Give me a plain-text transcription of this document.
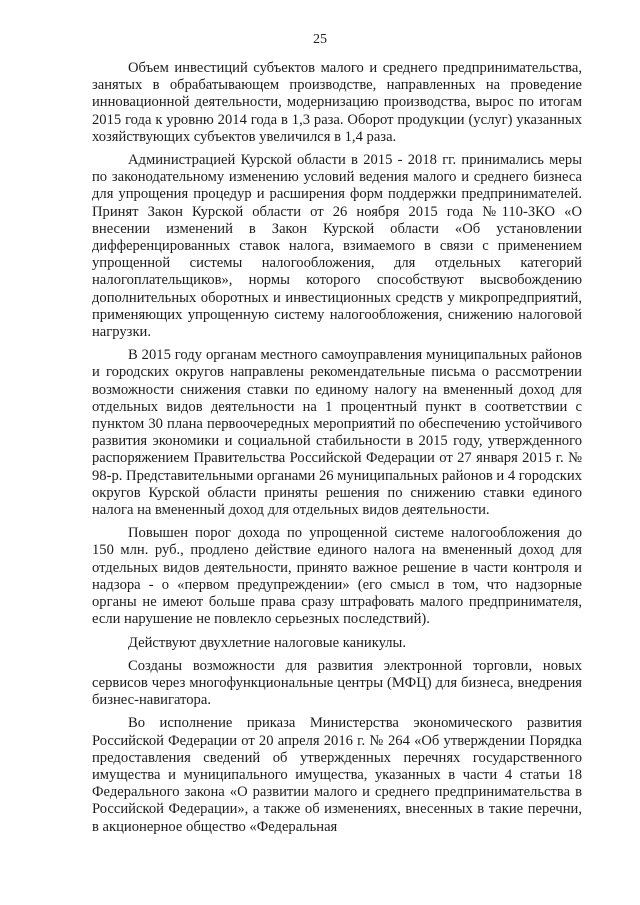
25

Объем инвестиций субъектов малого и среднего предпринимательства, занятых в обрабатывающем производстве, направленных на проведение инновационной деятельности, модернизацию производства, вырос по итогам 2015 года к уровню 2014 года в 1,3 раза. Оборот продукции (услуг) указанных хозяйствующих субъектов увеличился в 1,4 раза.

Администрацией Курской области в 2015 - 2018 гг. принимались меры по законодательному изменению условий ведения малого и среднего бизнеса для упрощения процедур и расширения форм поддержки предпринимателей. Принят Закон Курской области от 26 ноября 2015 года №110-ЗКО «О внесении изменений в Закон Курской области «Об установлении дифференцированных ставок налога, взимаемого в связи с применением упрощенной системы налогообложения, для отдельных категорий налогоплательщиков», нормы которого способствуют высвобождению дополнительных оборотных и инвестиционных средств у микропредприятий, применяющих упрощенную систему налогообложения, снижению налоговой нагрузки.

В 2015 году органам местного самоуправления муниципальных районов и городских округов направлены рекомендательные письма о рассмотрении возможности снижения ставки по единому налогу на вмененный доход для отдельных видов деятельности на 1 процентный пункт в соответствии с пунктом 30 плана первоочередных мероприятий по обеспечению устойчивого развития экономики и социальной стабильности в 2015 году, утвержденного распоряжением Правительства Российской Федерации от 27 января 2015 г. № 98-р. Представительными органами 26 муниципальных районов и 4 городских округов Курской области приняты решения по снижению ставки единого налога на вмененный доход для отдельных видов деятельности.

Повышен порог дохода по упрощенной системе налогообложения до 150 млн. руб., продлено действие единого налога на вмененный доход для отдельных видов деятельности, принято важное решение в части контроля и надзора - о «первом предупреждении» (его смысл в том, что надзорные органы не имеют больше права сразу штрафовать малого предпринимателя, если нарушение не повлекло серьезных последствий).

Действуют двухлетние налоговые каникулы.

Созданы возможности для развития электронной торговли, новых сервисов через многофункциональные центры (МФЦ) для бизнеса, внедрения бизнес-навигатора.

Во исполнение приказа Министерства экономического развития Российской Федерации от 20 апреля 2016 г. № 264 «Об утверждении Порядка предоставления сведений об утвержденных перечнях государственного имущества и муниципального имущества, указанных в части 4 статьи 18 Федерального закона «О развитии малого и среднего предпринимательства в Российской Федерации», а также об изменениях, внесенных в такие перечни, в акционерное общество «Федеральная
